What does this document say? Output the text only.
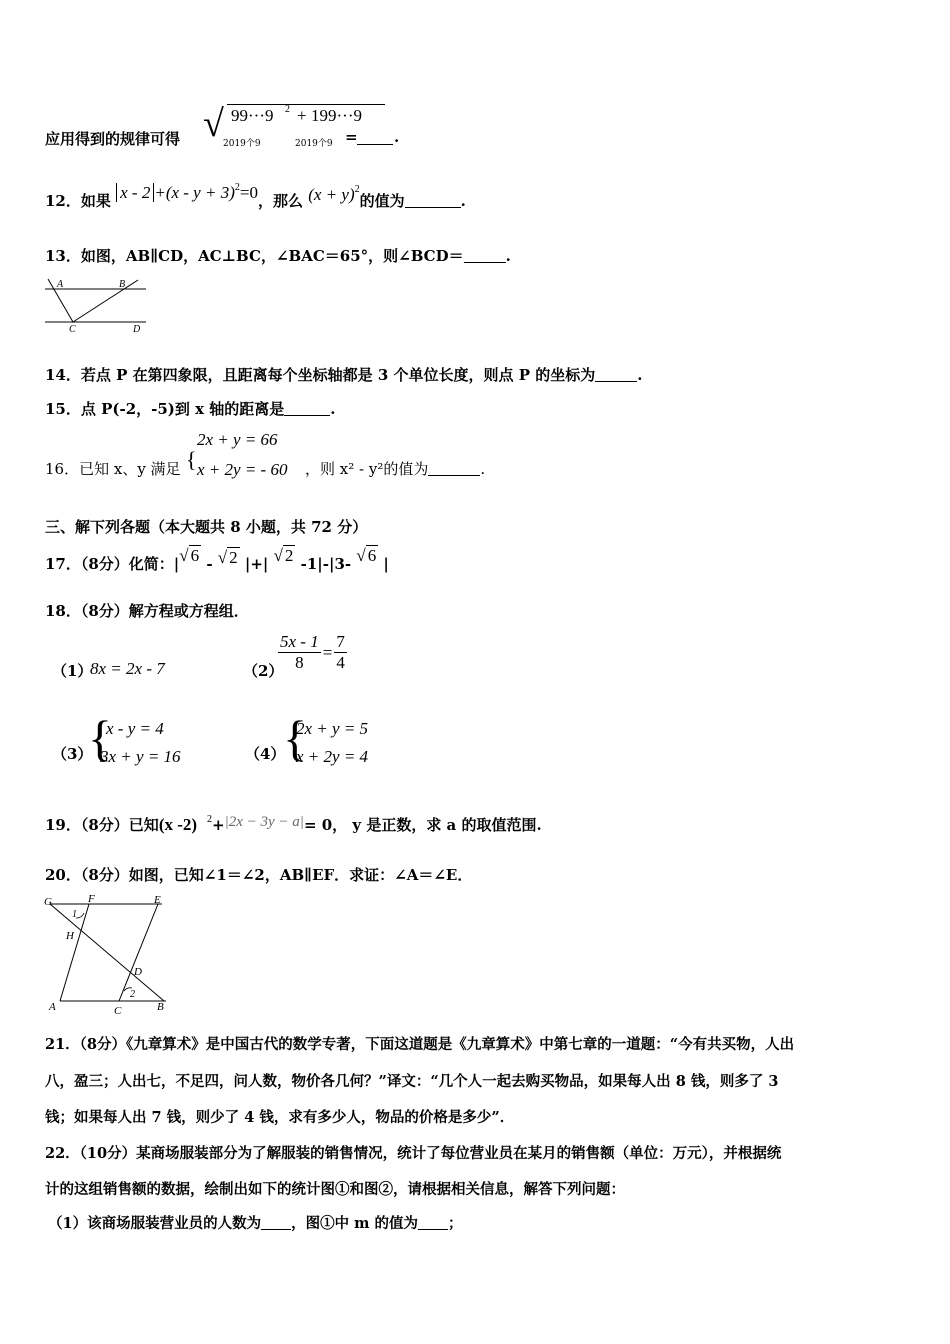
应用得到的规律可得 √ 99···9 2 + 199···9
2019个9	2019个9 = .
12．如果 $x - 2 +(x - y + 3)^2=0$，那么 $(x + y)^2$的值为	.
13．如图，AB∥CD，AC⊥BC，∠BAC＝65°，则∠BCD＝	.
A	B
C	D
14．若点 P 在第四象限，且距离每个坐标轴都是 3 个单位长度，则点 P 的坐标为	.
15．点 P(-2，-5)到 x 轴的距离是	.
16．已知 x、y 满足 {
2x + y = 66
x + 2y = - 60 ，则 x² - y²的值为	.
三、解下列各题（本大题共 8 小题，共 72 分）
17．（8分）化简：|√ 6 - √ 2 |+| √ 2 -1|-|3- √ 6 |
18．（8分）解方程或方程组．
（1）
8x = 2x - 7	（2）
$\frac{5x - 1}{8} = \frac{7}{4}$
（3）
{
x - y = 4
3x + y = 16	（4）
{
2x + y = 5
x + 2y = 4
19．（8分）已知(x -2) $^2$+|2x − 3y − a|= 0， y 是正数，求 a 的取值范围.
20．（8分）如图，已知∠1＝∠2，AB∥EF．求证：∠A＝∠E．
G	F	E
H
D
A	C	B
1
2
21．（8分）《九章算术》是中国古代的数学专著，下面这道题是《九章算术》中第七章的一道题：“今有共买物，人出
八，盈三；人出七，不足四，问人数，物价各几何？”译文：“几个人一起去购买物品，如果每人出 8 钱，则多了 3
钱；如果每人出 7 钱，则少了 4 钱，求有多少人，物品的价格是多少”．
22．（10分）某商场服装部分为了解服装的销售情况，统计了每位营业员在某月的销售额（单位：万元），并根据统
计的这组销售额的数据，绘制出如下的统计图①和图②，请根据相关信息，解答下列问题：
（1）该商场服装营业员的人数为 ，图①中 m 的值为 ；
